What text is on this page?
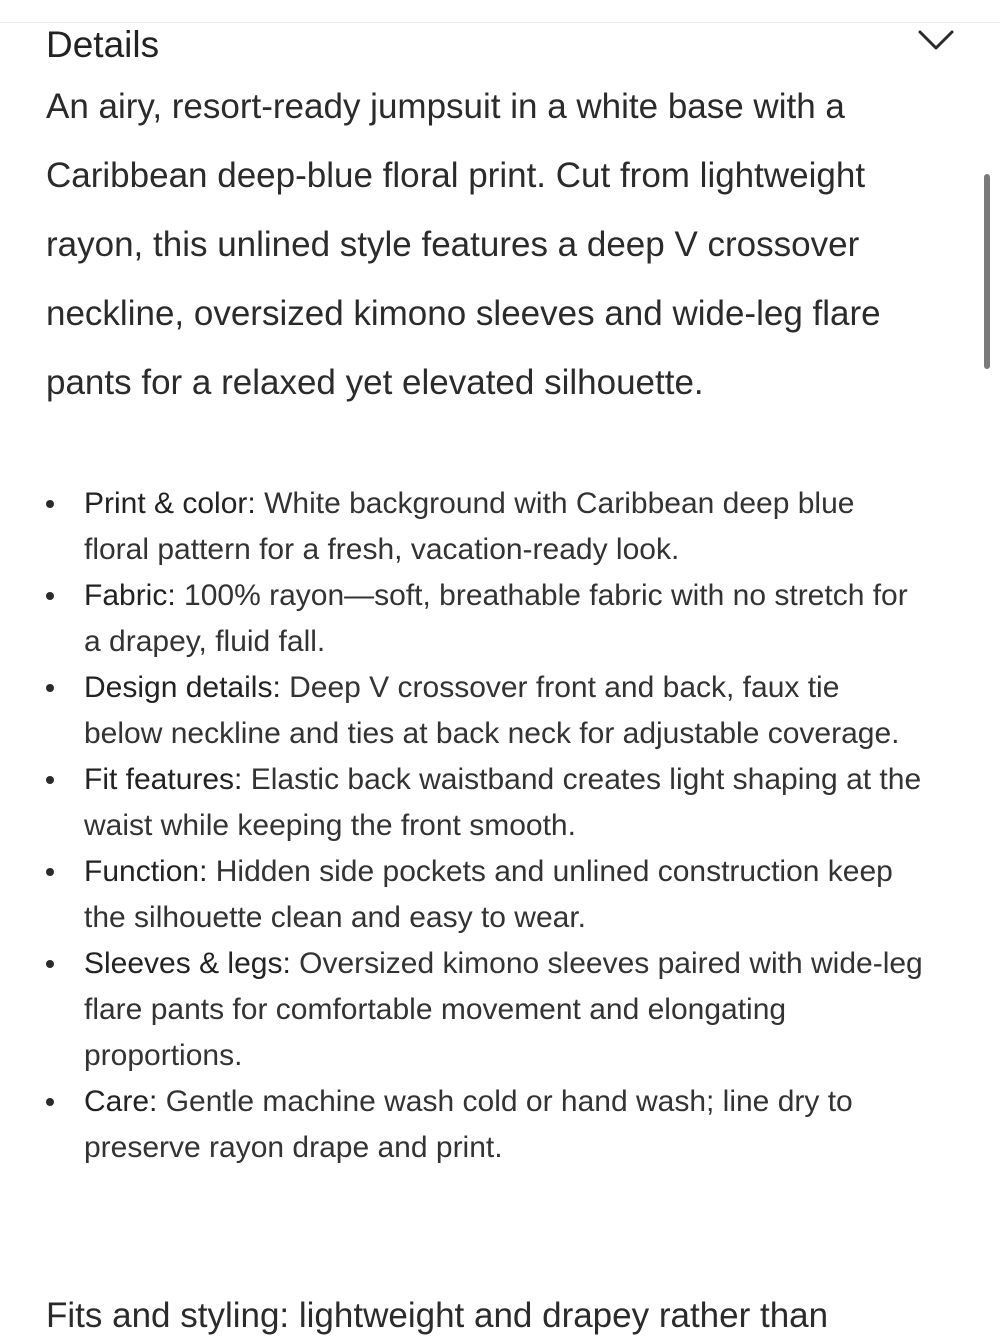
Details

An airy, resort-ready jumpsuit in a white base with a Caribbean deep-blue floral print. Cut from lightweight rayon, this unlined style features a deep V crossover neckline, oversized kimono sleeves and wide-leg flare pants for a relaxed yet elevated silhouette.

Print & color: White background with Caribbean deep blue floral pattern for a fresh, vacation-ready look.
Fabric: 100% rayon—soft, breathable fabric with no stretch for a drapey, fluid fall.
Design details: Deep V crossover front and back, faux tie below neckline and ties at back neck for adjustable coverage.
Fit features: Elastic back waistband creates light shaping at the waist while keeping the front smooth.
Function: Hidden side pockets and unlined construction keep the silhouette clean and easy to wear.
Sleeves & legs: Oversized kimono sleeves paired with wide-leg flare pants for comfortable movement and elongating proportions.
Care: Gentle machine wash cold or hand wash; line dry to preserve rayon drape and print.

Fits and styling: lightweight and drapey rather than
